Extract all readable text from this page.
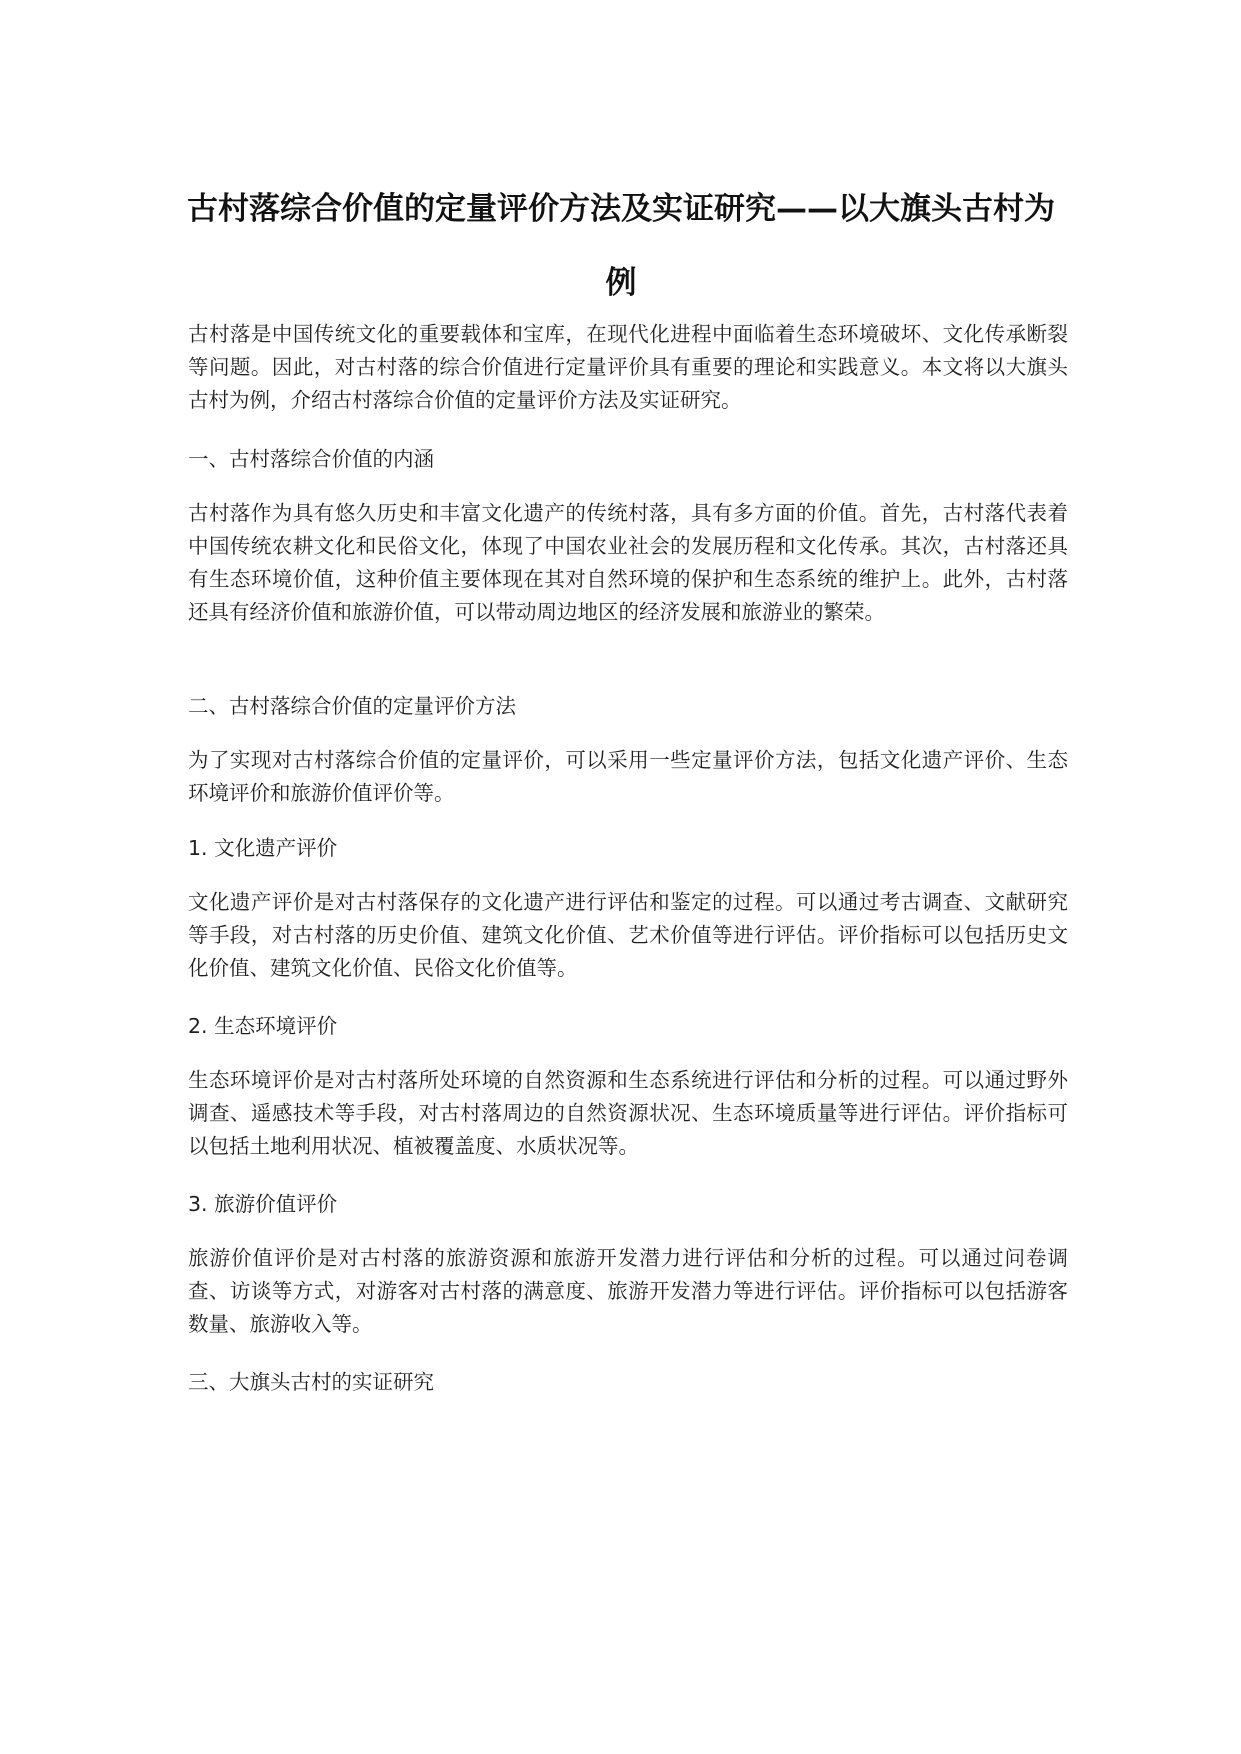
古村落综合价值的定量评价方法及实证研究——以大旗头古村为例

古村落是中国传统文化的重要载体和宝库，在现代化进程中面临着生态环境破坏、文化传承断裂等问题。因此，对古村落的综合价值进行定量评价具有重要的理论和实践意义。本文将以大旗头古村为例，介绍古村落综合价值的定量评价方法及实证研究。

一、古村落综合价值的内涵

古村落作为具有悠久历史和丰富文化遗产的传统村落，具有多方面的价值。首先，古村落代表着中国传统农耕文化和民俗文化，体现了中国农业社会的发展历程和文化传承。其次，古村落还具有生态环境价值，这种价值主要体现在其对自然环境的保护和生态系统的维护上。此外，古村落还具有经济价值和旅游价值，可以带动周边地区的经济发展和旅游业的繁荣。

二、古村落综合价值的定量评价方法

为了实现对古村落综合价值的定量评价，可以采用一些定量评价方法，包括文化遗产评价、生态环境评价和旅游价值评价等。

1. 文化遗产评价

文化遗产评价是对古村落保存的文化遗产进行评估和鉴定的过程。可以通过考古调查、文献研究等手段，对古村落的历史价值、建筑文化价值、艺术价值等进行评估。评价指标可以包括历史文化价值、建筑文化价值、民俗文化价值等。

2. 生态环境评价

生态环境评价是对古村落所处环境的自然资源和生态系统进行评估和分析的过程。可以通过野外调查、遥感技术等手段，对古村落周边的自然资源状况、生态环境质量等进行评估。评价指标可以包括土地利用状况、植被覆盖度、水质状况等。

3. 旅游价值评价

旅游价值评价是对古村落的旅游资源和旅游开发潜力进行评估和分析的过程。可以通过问卷调查、访谈等方式，对游客对古村落的满意度、旅游开发潜力等进行评估。评价指标可以包括游客数量、旅游收入等。

三、大旗头古村的实证研究
